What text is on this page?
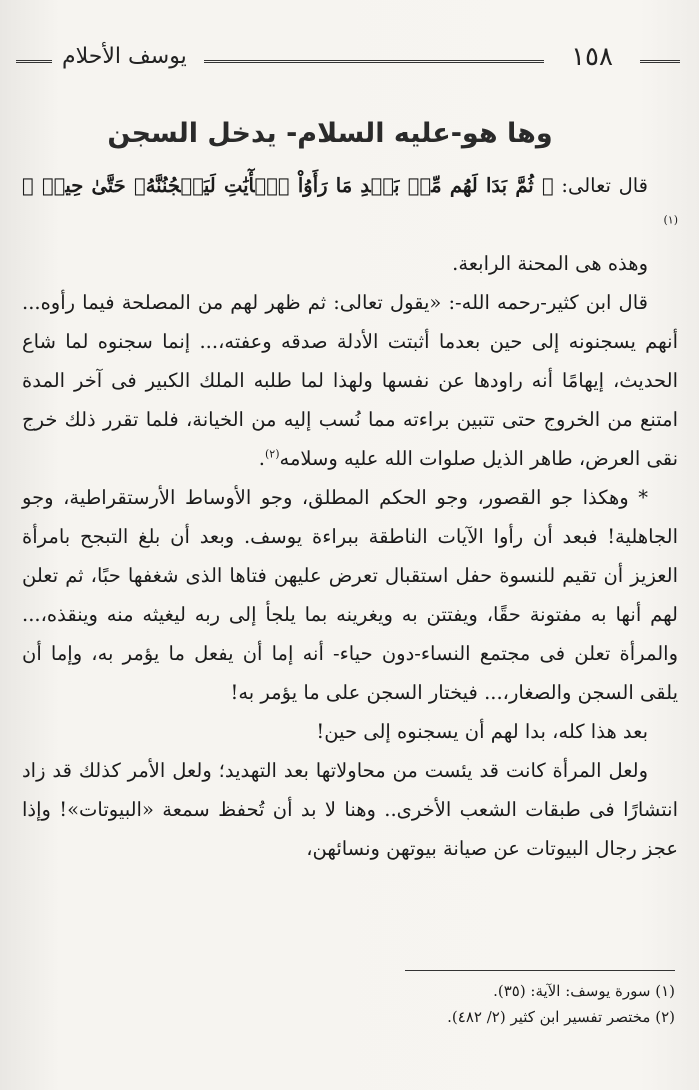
يوسف الأحلام	١٥٨
وها هو-عليه السلام- يدخل السجن

قال تعالى: ﴿ ثُمَّ بَدَا لَهُم مِّنۢ بَعۡدِ مَا رَأَوُاْ ٱلۡأٓيَٰتِ لَيَسۡجُنُنَّهُۥ حَتَّىٰ حِينٖ ﴾ $^{(١)}$

وهذه هى المحنة الرابعة.

قال ابن كثير-رحمه الله-: «يقول تعالى: ثم ظهر لهم من المصلحة فيما رأوه... أنهم يسجنونه إلى حين بعدما أثبتت الأدلة صدقه وعفته،... إنما سجنوه لما شاع الحديث، إيهامًا أنه راودها عن نفسها ولهذا لما طلبه الملك الكبير فى آخر المدة امتنع من الخروج حتى تتبين براءته مما نُسب إليه من الخيانة، فلما تقرر ذلك خرج نقى العرض، طاهر الذيل صلوات الله عليه وسلامه$^{(٢)}$.

* وهكذا جو القصور، وجو الحكم المطلق، وجو الأوساط الأرستقراطية، وجو الجاهلية! فبعد أن رأوا الآيات الناطقة ببراءة يوسف. وبعد أن بلغ التبجح بامرأة العزيز أن تقيم للنسوة حفل استقبال تعرض عليهن فتاها الذى شغفها حبًا، ثم تعلن لهم أنها به مفتونة حقًا، ويفتتن به ويغرينه بما يلجأ إلى ربه ليغيثه منه وينقذه،... والمرأة تعلن فى مجتمع النساء-دون حياء- أنه إما أن يفعل ما يؤمر به، وإما أن يلقى السجن والصغار،... فيختار السجن على ما يؤمر به!

بعد هذا كله، بدا لهم أن يسجنوه إلى حين!

ولعل المرأة كانت قد يئست من محاولاتها بعد التهديد؛ ولعل الأمر كذلك قد زاد انتشارًا فى طبقات الشعب الأخرى.. وهنا لا بد أن تُحفظ سمعة «البيوتات»! وإذا عجز رجال البيوتات عن صيانة بيوتهن ونسائهن،

(١) سورة يوسف: الآية: (٣٥).
(٢) مختصر تفسير ابن كثير (٢/ ٤٨٢).
